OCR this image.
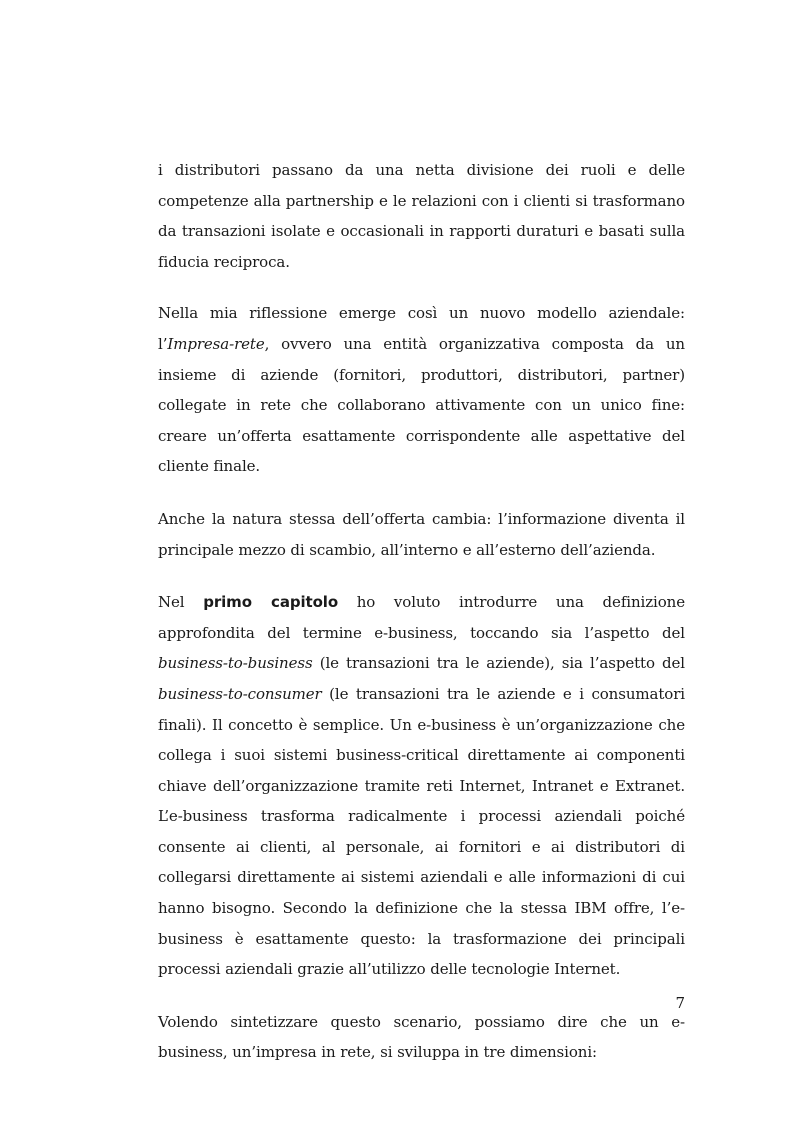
i distributori passano da una netta divisione dei ruoli e delle competenze alla partnership e le relazioni con i clienti si trasformano da transazioni isolate e occasionali in rapporti duraturi e basati sulla fiducia reciproca.

Nella mia riflessione emerge così un nuovo modello aziendale: l’Impresa-rete, ovvero una entità organizzativa composta da un insieme di aziende (fornitori, produttori, distributori, partner) collegate in rete che collaborano attivamente con un unico fine: creare un’offerta esattamente corrispondente alle aspettative del cliente finale.

Anche la natura stessa dell’offerta cambia: l’informazione diventa il principale mezzo di scambio, all’interno e all’esterno dell’azienda.

Nel primo capitolo ho voluto introdurre una definizione approfondita del termine e-business, toccando sia l’aspetto del business-to-business (le transazioni tra le aziende), sia l’aspetto del business-to-consumer (le transazioni tra le aziende e i consumatori finali). Il concetto è semplice. Un e-business è un’organizzazione che collega i suoi sistemi business-critical direttamente ai componenti chiave dell’organizzazione tramite reti Internet, Intranet e Extranet. L’e-business trasforma radicalmente i processi aziendali poiché consente ai clienti, al personale, ai fornitori e ai distributori di collegarsi direttamente ai sistemi aziendali e alle informazioni di cui hanno bisogno. Secondo la definizione che la stessa IBM offre, l’e-business è esattamente questo: la trasformazione dei principali processi aziendali grazie all’utilizzo delle tecnologie Internet.

Volendo sintetizzare questo scenario, possiamo dire che un e-business, un’impresa in rete, si sviluppa in tre dimensioni:

7
